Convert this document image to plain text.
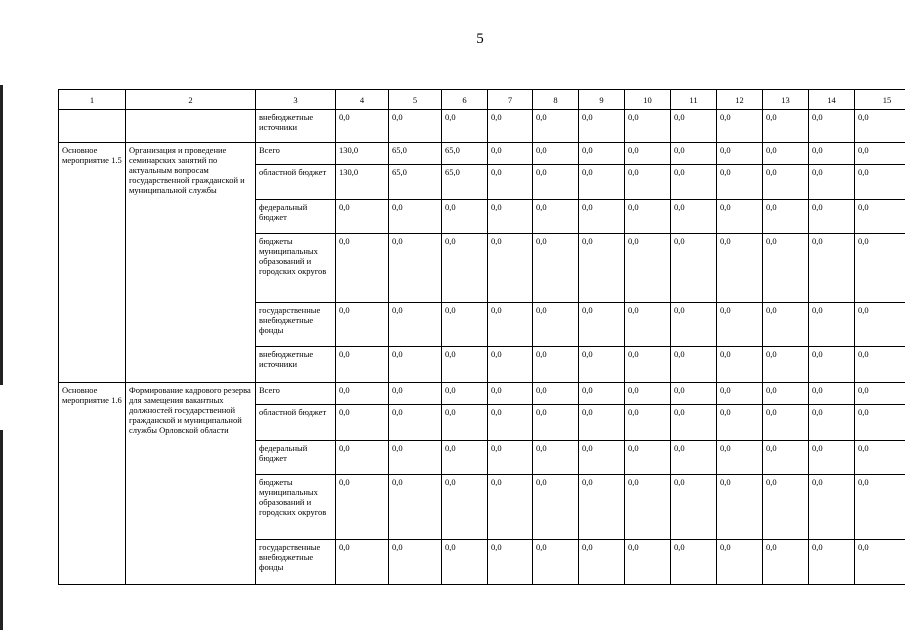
5
1	2	3	4	5	6	7	8	9	10	11	12	13	14	15
		внебюджетные источники	0,0	0,0	0,0	0,0	0,0	0,0	0,0	0,0	0,0	0,0	0,0	0,0
Основное мероприятие 1.5	Организация и проведение семинарских занятий по актуальным вопросам государственной гражданской и муниципальной службы	Всего	130,0	65,0	65,0	0,0	0,0	0,0	0,0	0,0	0,0	0,0	0,0	0,0
		областной бюджет	130,0	65,0	65,0	0,0	0,0	0,0	0,0	0,0	0,0	0,0	0,0	0,0
		федеральный бюджет	0,0	0,0	0,0	0,0	0,0	0,0	0,0	0,0	0,0	0,0	0,0	0,0
		бюджеты муниципальных образований и городских округов	0,0	0,0	0,0	0,0	0,0	0,0	0,0	0,0	0,0	0,0	0,0	0,0
		государственные внебюджетные фонды	0,0	0,0	0,0	0,0	0,0	0,0	0,0	0,0	0,0	0,0	0,0	0,0
		внебюджетные источники	0,0	0,0	0,0	0,0	0,0	0,0	0,0	0,0	0,0	0,0	0,0	0,0
Основное мероприятие 1.6	Формирование кадрового резерва для замещения вакантных должностей государственной гражданской и муниципальной службы Орловской области	Всего	0,0	0,0	0,0	0,0	0,0	0,0	0,0	0,0	0,0	0,0	0,0	0,0
		областной бюджет	0,0	0,0	0,0	0,0	0,0	0,0	0,0	0,0	0,0	0,0	0,0	0,0
		федеральный бюджет	0,0	0,0	0,0	0,0	0,0	0,0	0,0	0,0	0,0	0,0	0,0	0,0
		бюджеты муниципальных образований и городских округов	0,0	0,0	0,0	0,0	0,0	0,0	0,0	0,0	0,0	0,0	0,0	0,0
		государственные внебюджетные фонды	0,0	0,0	0,0	0,0	0,0	0,0	0,0	0,0	0,0	0,0	0,0	0,0
